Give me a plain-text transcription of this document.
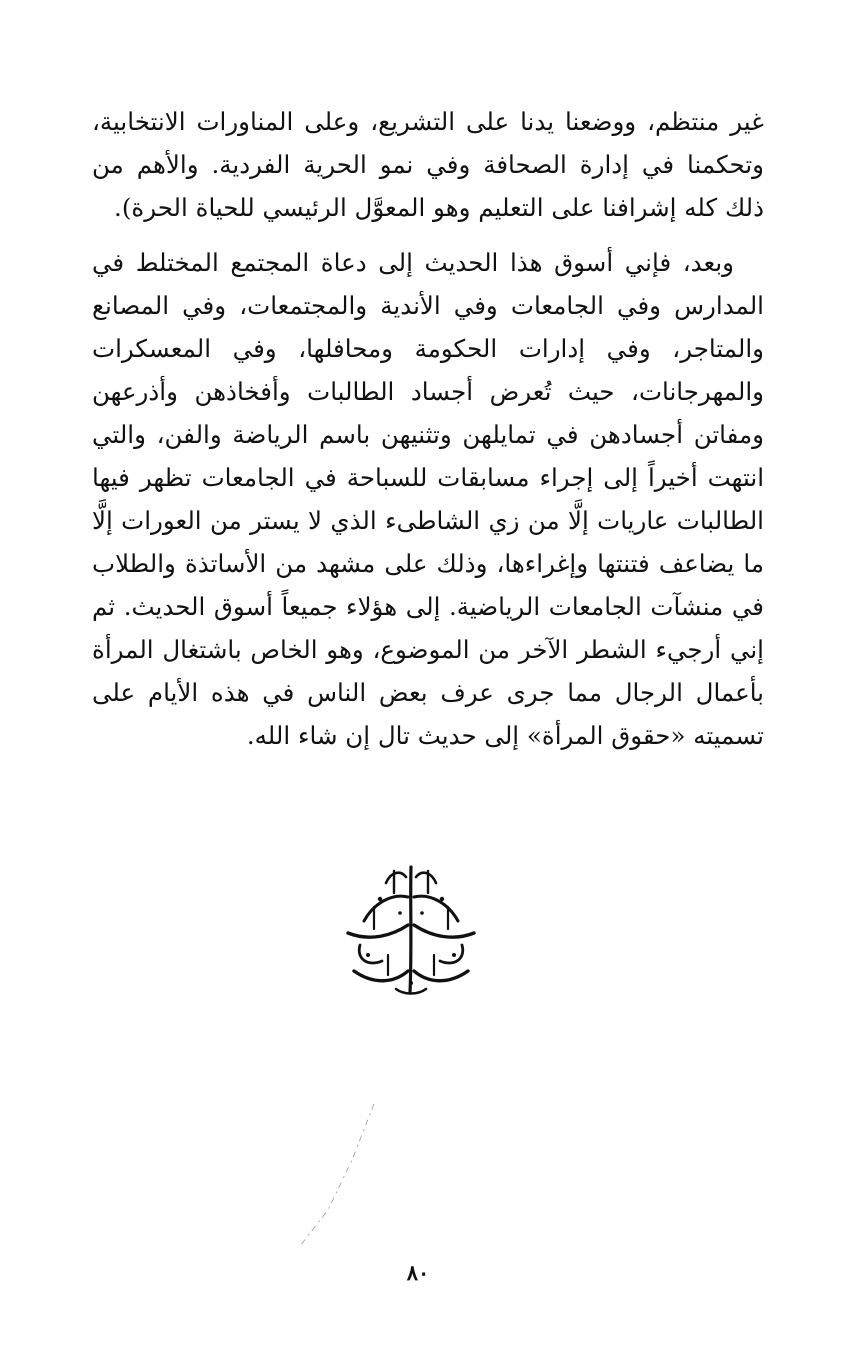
غير منتظم، ووضعنا يدنا على التشريع، وعلى المناورات الانتخابية، وتحكمنا في إدارة الصحافة وفي نمو الحرية الفردية. والأهم من ذلك كله إشرافنا على التعليم وهو المعوَّل الرئيسي للحياة الحرة).

وبعد، فإني أسوق هذا الحديث إلى دعاة المجتمع المختلط في المدارس وفي الجامعات وفي الأندية والمجتمعات، وفي المصانع والمتاجر، وفي إدارات الحكومة ومحافلها، وفي المعسكرات والمهرجانات، حيث تُعرض أجساد الطالبات وأفخاذهن وأذرعهن ومفاتن أجسادهن في تمايلهن وتثنيهن باسم الرياضة والفن، والتي انتهت أخيراً إلى إجراء مسابقات للسباحة في الجامعات تظهر فيها الطالبات عاريات إلَّا من زي الشاطىء الذي لا يستر من العورات إلَّا ما يضاعف فتنتها وإغراءها، وذلك على مشهد من الأساتذة والطلاب في منشآت الجامعات الرياضية. إلى هؤلاء جميعاً أسوق الحديث. ثم إني أرجيء الشطر الآخر من الموضوع، وهو الخاص باشتغال المرأة بأعمال الرجال مما جرى عرف بعض الناس في هذه الأيام على تسميته «حقوق المرأة» إلى حديث تال إن شاء الله.

٨٠
